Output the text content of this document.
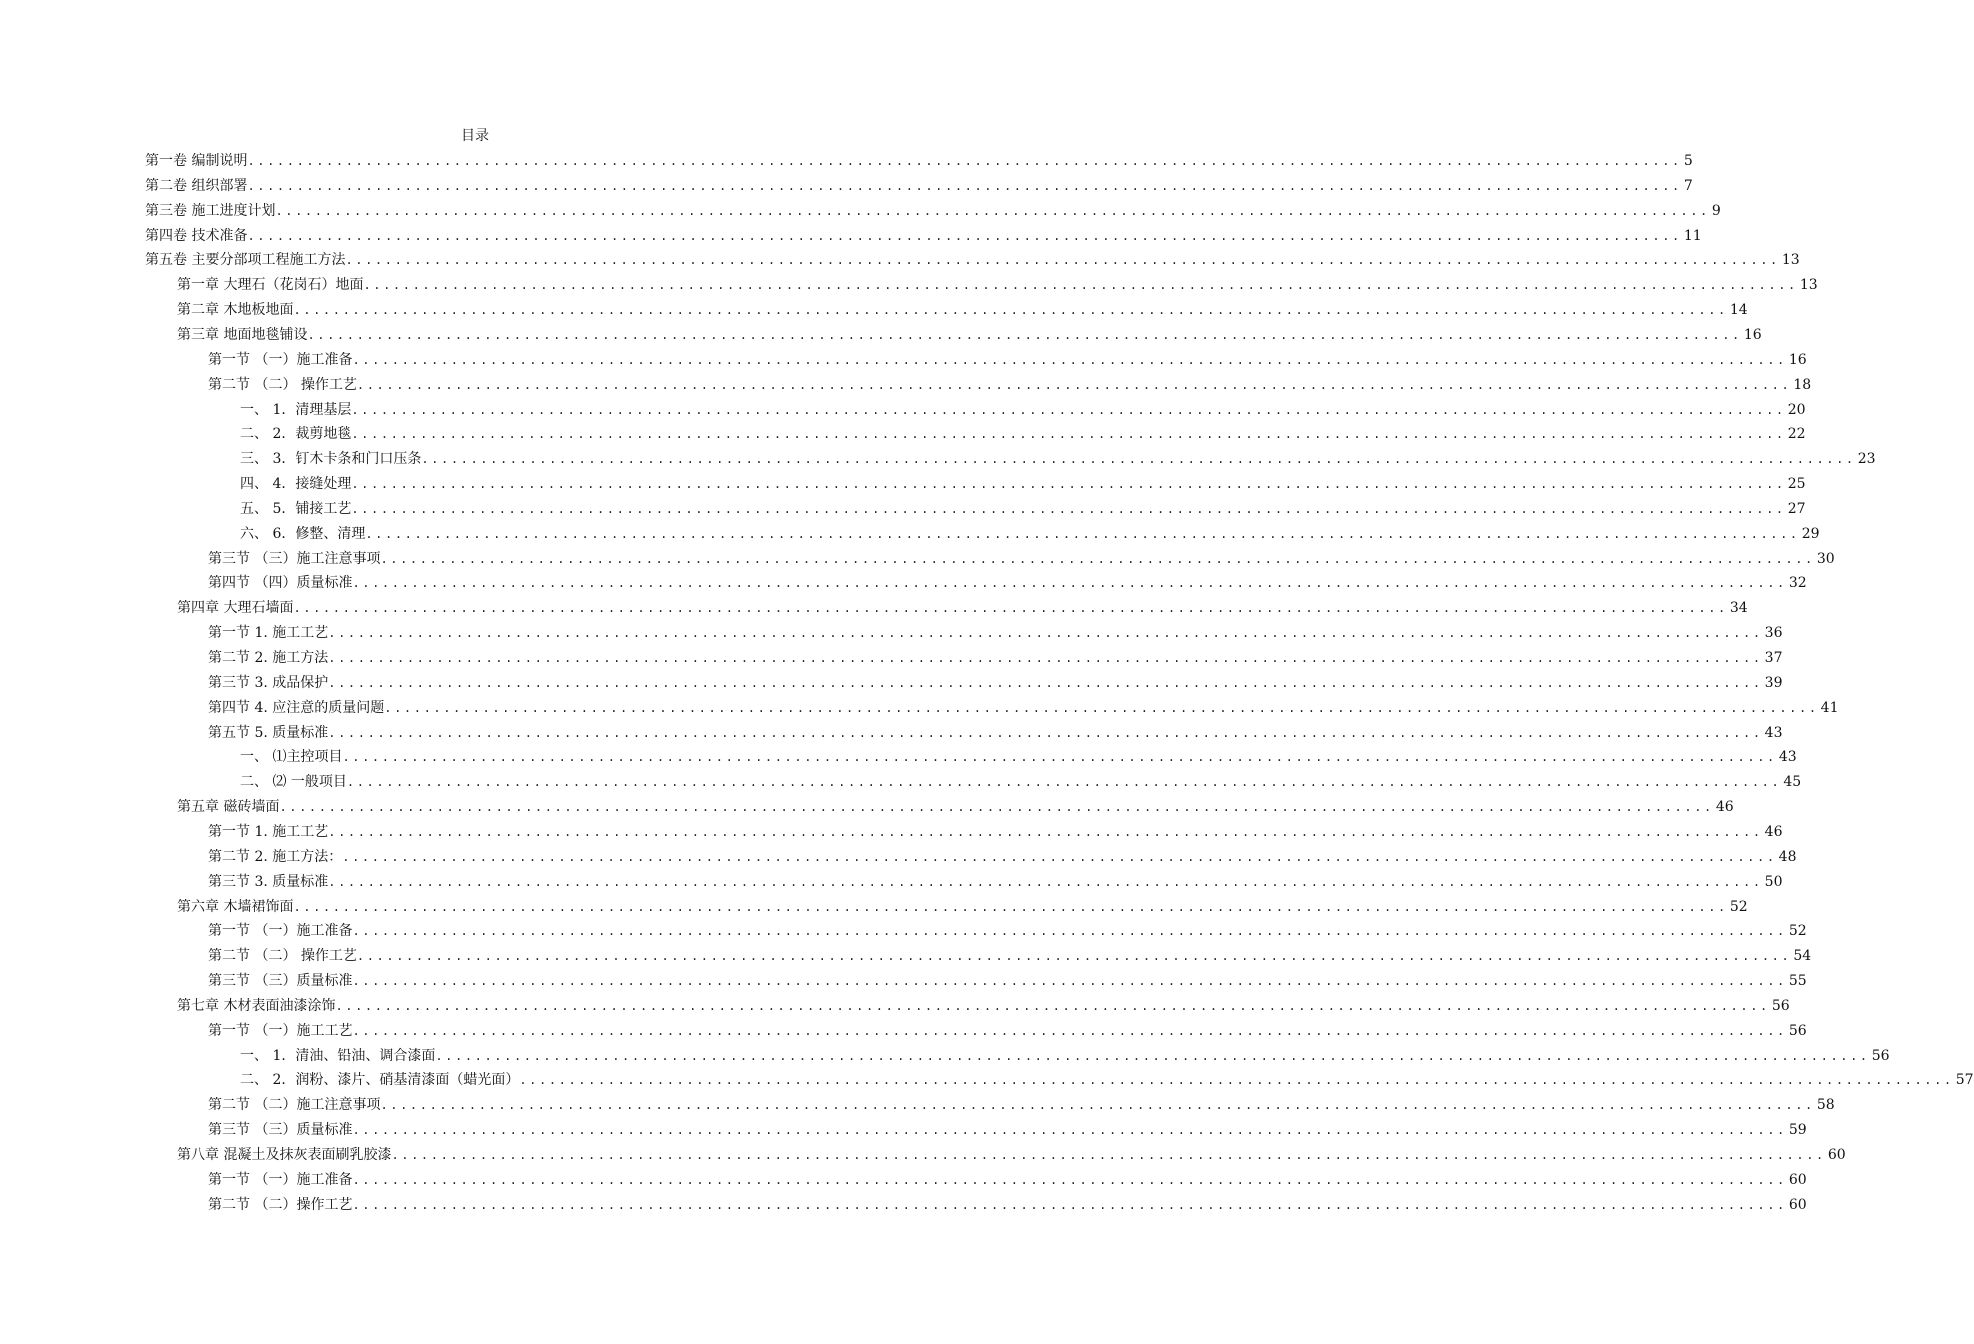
目录
第一卷 编制说明 .................................................................................................................................................. 5
第二卷 组织部署 .................................................................................................................................................. 7
第三卷 施工进度计划 .................................................................................................................................................. 9
第四卷 技术准备 .................................................................................................................................................. 11
第五卷 主要分部项工程施工方法 .................................................................................................................................................. 13
第一章 大理石（花岗石）地面 .................................................................................................................................................. 13
第二章 木地板地面 .................................................................................................................................................. 14
第三章 地面地毯铺设 .................................................................................................................................................. 16
第一节 （一）施工准备 .................................................................................................................................................. 16
第二节 （二） 操作工艺 .................................................................................................................................................. 18
一、 1．清理基层 .................................................................................................................................................. 20
二、 2．裁剪地毯 .................................................................................................................................................. 22
三、 3．钉木卡条和门口压条 .................................................................................................................................................. 23
四、 4．接缝处理 .................................................................................................................................................. 25
五、 5．铺接工艺 .................................................................................................................................................. 27
六、 6．修整、清理 .................................................................................................................................................. 29
第三节 （三）施工注意事项 .................................................................................................................................................. 30
第四节 （四）质量标准 .................................................................................................................................................. 32
第四章 大理石墙面 .................................................................................................................................................. 34
第一节 1. 施工工艺 .................................................................................................................................................. 36
第二节 2. 施工方法 .................................................................................................................................................. 37
第三节 3. 成品保护 .................................................................................................................................................. 39
第四节 4. 应注意的质量问题 .................................................................................................................................................. 41
第五节 5. 质量标准 .................................................................................................................................................. 43
一、 ⑴主控项目 .................................................................................................................................................. 43
二、 ⑵ 一般项目 .................................................................................................................................................. 45
第五章 磁砖墙面 .................................................................................................................................................. 46
第一节 1. 施工工艺 .................................................................................................................................................. 46
第二节 2. 施工方法： .................................................................................................................................................. 48
第三节 3. 质量标准 .................................................................................................................................................. 50
第六章 木墙裙饰面 .................................................................................................................................................. 52
第一节 （一）施工准备 .................................................................................................................................................. 52
第二节 （二） 操作工艺 .................................................................................................................................................. 54
第三节 （三）质量标准 .................................................................................................................................................. 55
第七章 木材表面油漆涂饰 .................................................................................................................................................. 56
第一节 （一）施工工艺 .................................................................................................................................................. 56
一、 1．清油、铅油、调合漆面 .................................................................................................................................................. 56
二、 2．润粉、漆片、硝基清漆面（蜡光面） .................................................................................................................................................. 57
第二节 （二）施工注意事项 .................................................................................................................................................. 58
第三节 （三）质量标准 .................................................................................................................................................. 59
第八章 混凝土及抹灰表面刷乳胶漆 .................................................................................................................................................. 60
第一节 （一）施工准备 .................................................................................................................................................. 60
第二节 （二）操作工艺 .................................................................................................................................................. 60
